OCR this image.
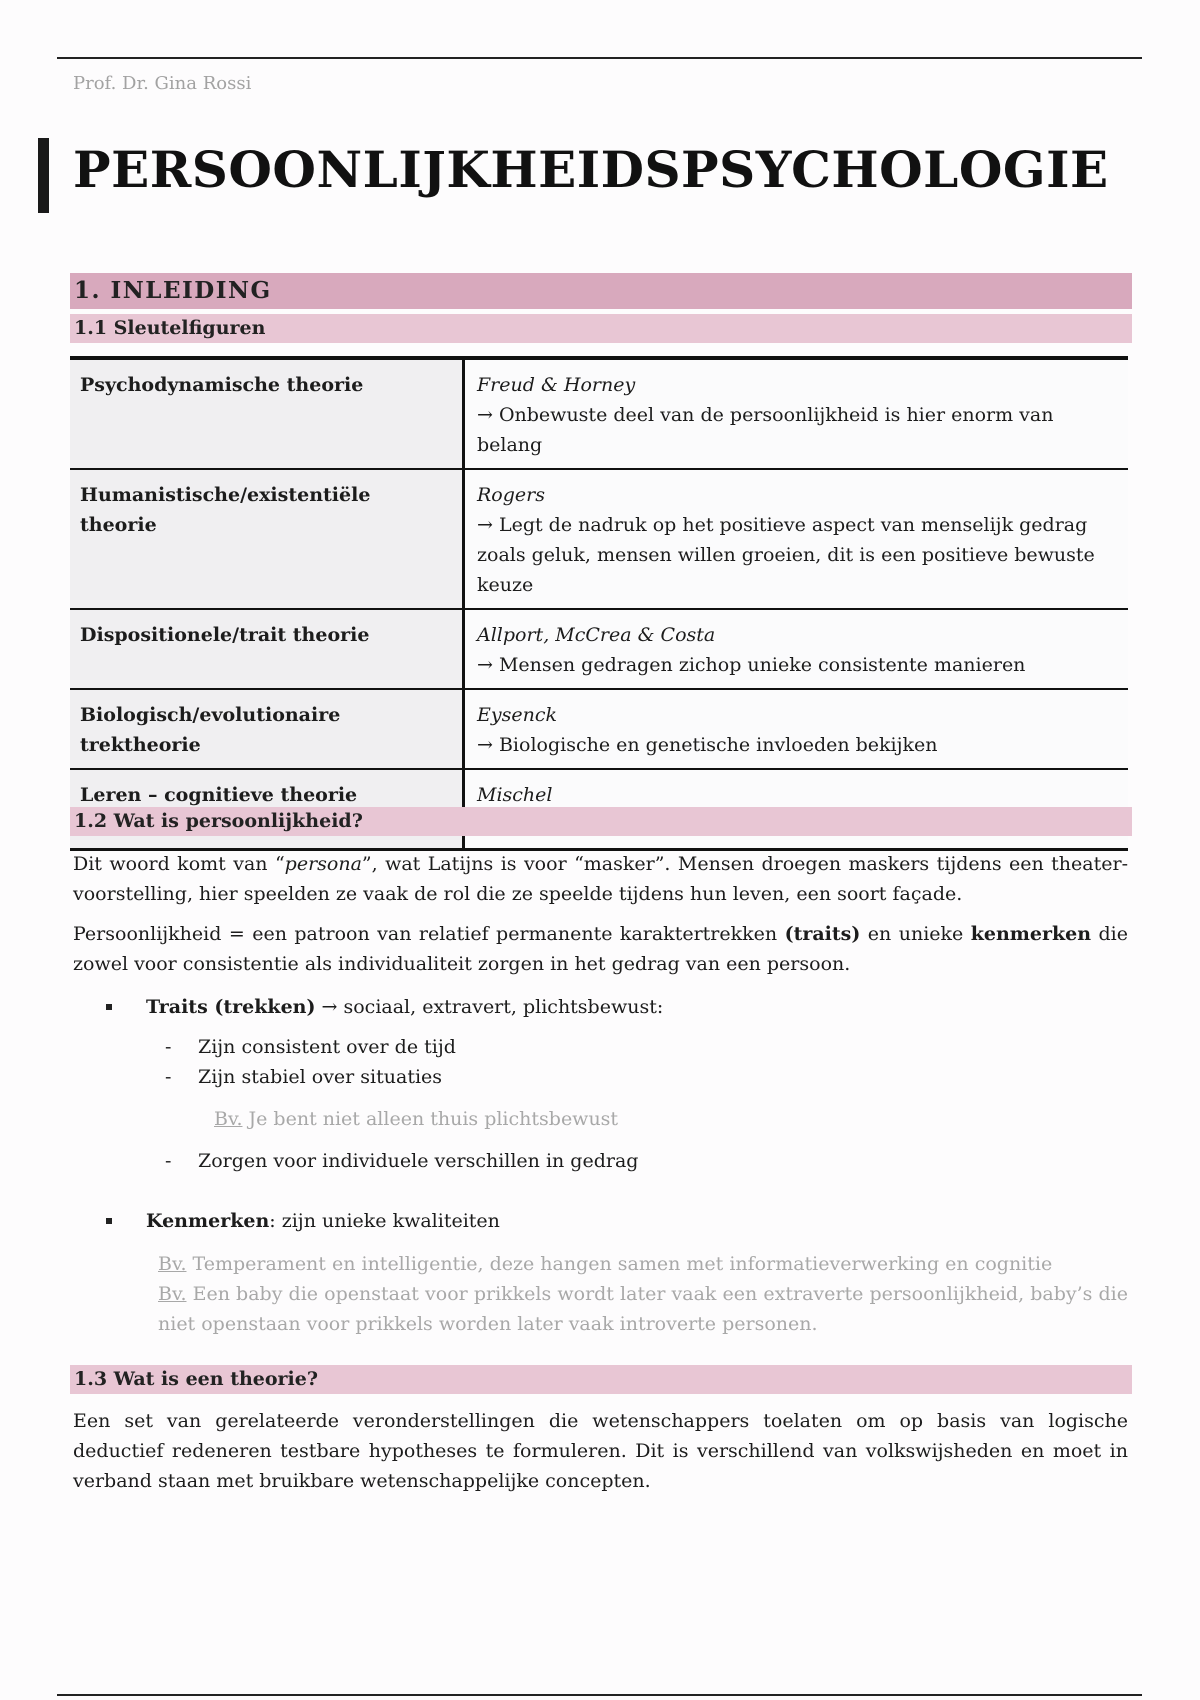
Prof. Dr. Gina Rossi
PERSOONLIJKHEIDSPSYCHOLOGIE
1. INLEIDING
1.1 Sleutelfiguren
Psychodynamische theorie	Freud & Horney
→ Onbewuste deel van de persoonlijkheid is hier enorm van belang

Humanistische/existentiële theorie	Rogers
→ Legt de nadruk op het positieve aspect van menselijk gedrag zoals geluk, mensen willen groeien, dit is een positieve bewuste keuze

Dispositionele/trait theorie	Allport, McCrea & Costa
→ Mensen gedragen zichop unieke consistente manieren

Biologisch/evolutionaire trektheorie	Eysenck
→ Biologische en genetische invloeden bekijken

Leren – cognitieve theorie	Mischel
1.2 Wat is persoonlijkheid?
Dit woord komt van “persona”, wat Latijns is voor “masker”. Mensen droegen maskers tijdens een theater-voorstelling, hier speelden ze vaak de rol die ze speelde tijdens hun leven, een soort façade.
Persoonlijkheid = een patroon van relatief permanente karaktertrekken (traits) en unieke kenmerken die zowel voor consistentie als individualiteit zorgen in het gedrag van een persoon.
Traits (trekken) → sociaal, extravert, plichtsbewust:
- Zijn consistent over de tijd
- Zijn stabiel over situaties
Bv. Je bent niet alleen thuis plichtsbewust
- Zorgen voor individuele verschillen in gedrag
Kenmerken: zijn unieke kwaliteiten
Bv. Temperament en intelligentie, deze hangen samen met informatieverwerking en cognitie
Bv. Een baby die openstaat voor prikkels wordt later vaak een extraverte persoonlijkheid, baby’s die niet openstaan voor prikkels worden later vaak introverte personen.
1.3 Wat is een theorie?
Een set van gerelateerde veronderstellingen die wetenschappers toelaten om op basis van logische deductief redeneren testbare hypotheses te formuleren. Dit is verschillend van volkswijsheden en moet in verband staan met bruikbare wetenschappelijke concepten.
